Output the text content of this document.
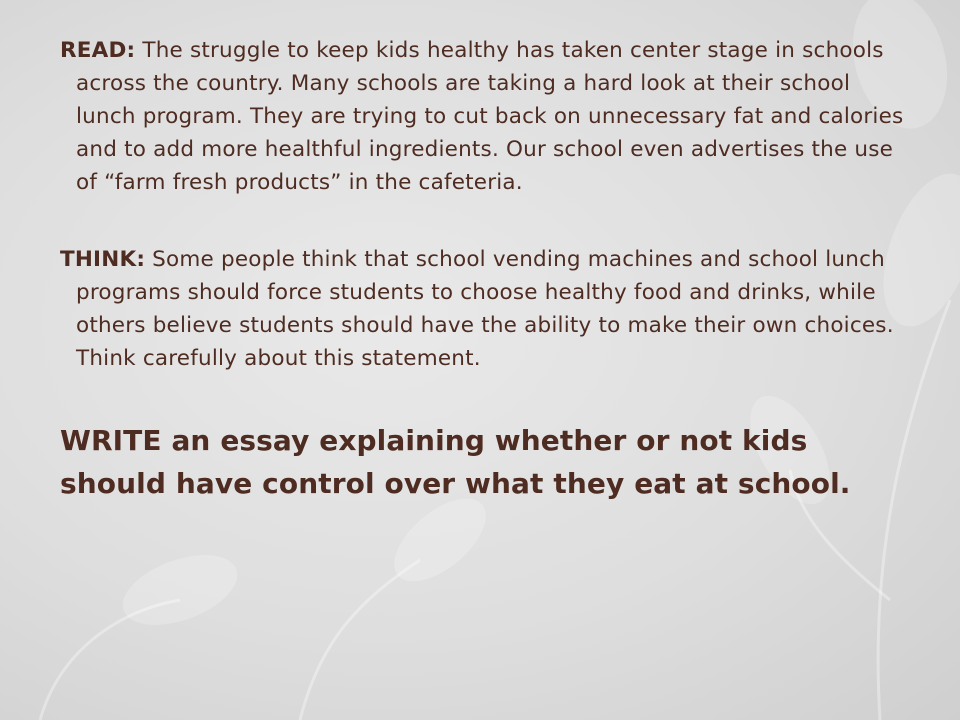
READ: The struggle to keep kids healthy has taken center stage in schools across the country. Many schools are taking a hard look at their school lunch program. They are trying to cut back on unnecessary fat and calories and to add more healthful ingredients. Our school even advertises the use of “farm fresh products” in the cafeteria.

THINK: Some people think that school vending machines and school lunch programs should force students to choose healthy food and drinks, while others believe students should have the ability to make their own choices. Think carefully about this statement.

WRITE an essay explaining whether or not kids should have control over what they eat at school.
